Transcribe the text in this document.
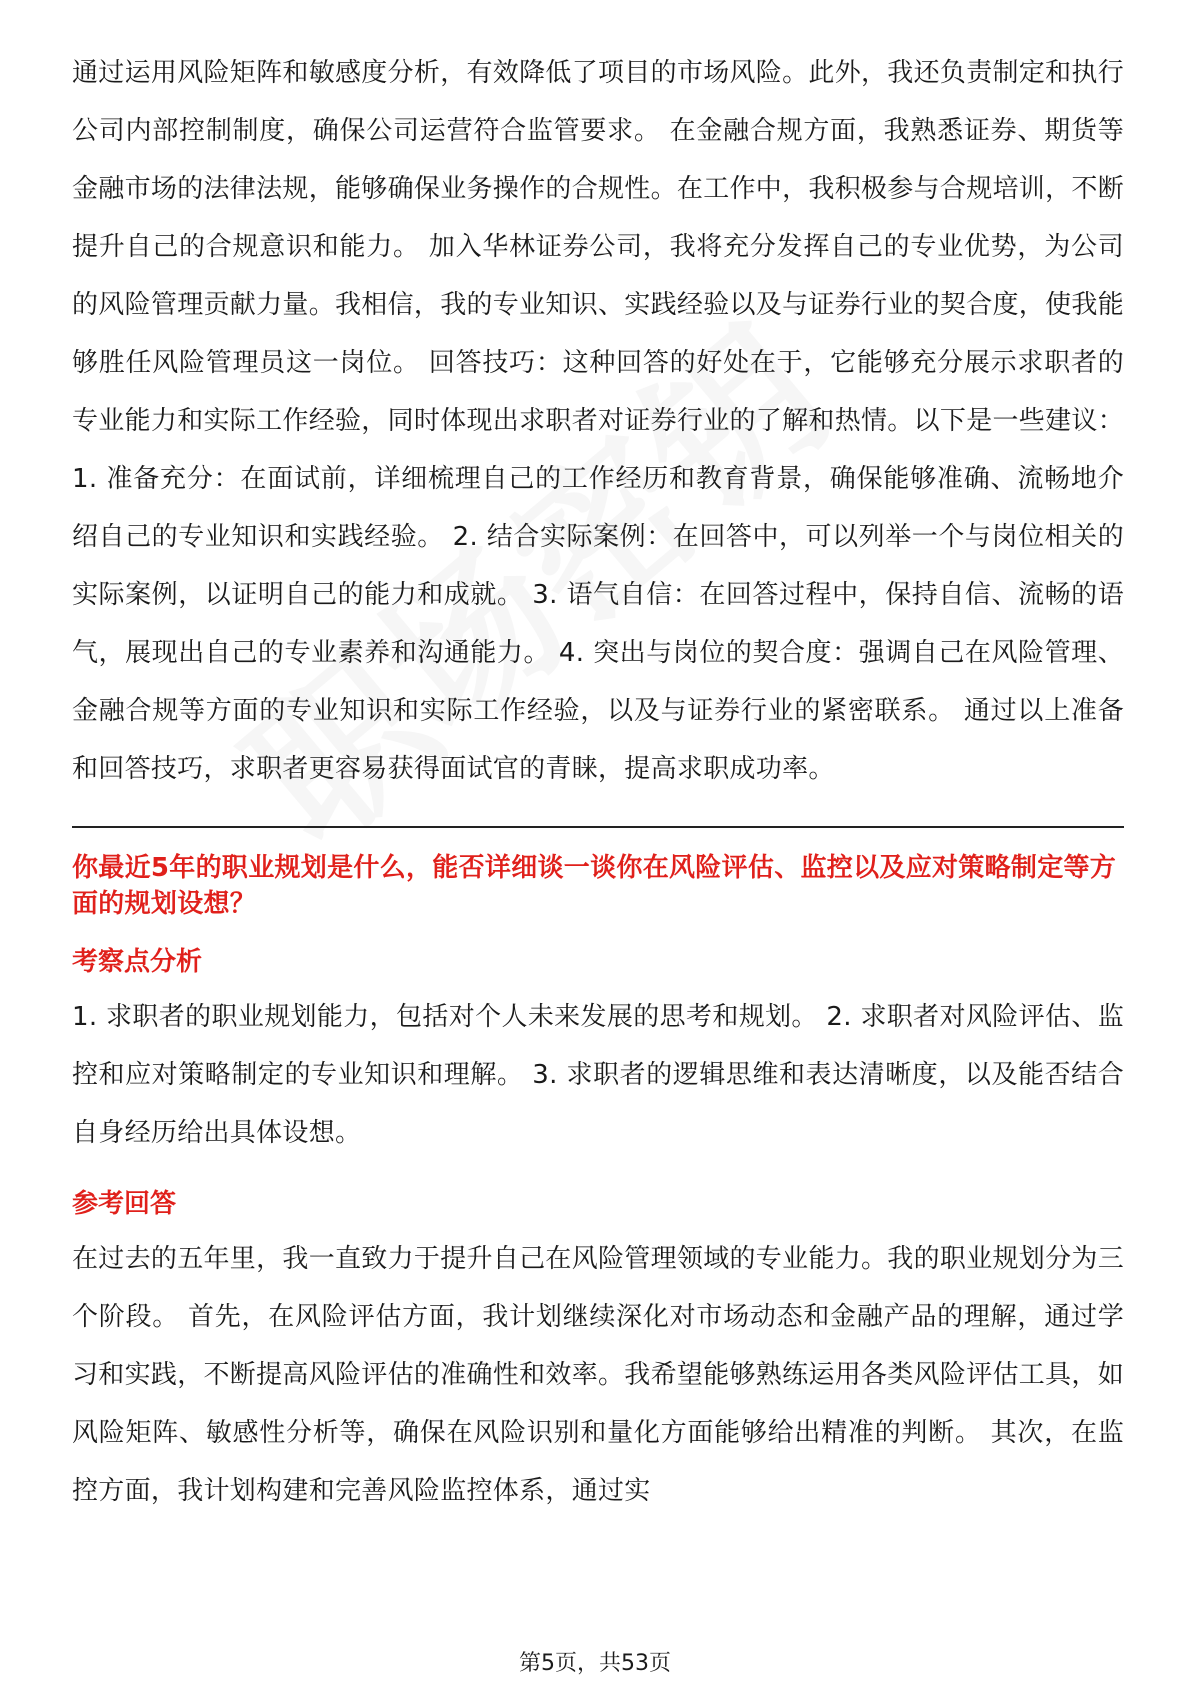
通过运用风险矩阵和敏感度分析，有效降低了项目的市场风险。此外，我还负责制定和执行公司内部控制制度，确保公司运营符合监管要求。 在金融合规方面，我熟悉证券、期货等金融市场的法律法规，能够确保业务操作的合规性。在工作中，我积极参与合规培训，不断提升自己的合规意识和能力。 加入华林证券公司，我将充分发挥自己的专业优势，为公司的风险管理贡献力量。我相信，我的专业知识、实践经验以及与证券行业的契合度，使我能够胜任风险管理员这一岗位。 回答技巧：这种回答的好处在于，它能够充分展示求职者的专业能力和实际工作经验，同时体现出求职者对证券行业的了解和热情。以下是一些建议： 1. 准备充分：在面试前，详细梳理自己的工作经历和教育背景，确保能够准确、流畅地介绍自己的专业知识和实践经验。 2. 结合实际案例：在回答中，可以列举一个与岗位相关的实际案例，以证明自己的能力和成就。 3. 语气自信：在回答过程中，保持自信、流畅的语气，展现出自己的专业素养和沟通能力。 4. 突出与岗位的契合度：强调自己在风险管理、金融合规等方面的专业知识和实际工作经验，以及与证券行业的紧密联系。 通过以上准备和回答技巧，求职者更容易获得面试官的青睐，提高求职成功率。

你最近5年的职业规划是什么，能否详细谈一谈你在风险评估、监控以及应对策略制定等方面的规划设想？

考察点分析

1. 求职者的职业规划能力，包括对个人未来发展的思考和规划。 2. 求职者对风险评估、监控和应对策略制定的专业知识和理解。 3. 求职者的逻辑思维和表达清晰度，以及能否结合自身经历给出具体设想。

参考回答

在过去的五年里，我一直致力于提升自己在风险管理领域的专业能力。我的职业规划分为三个阶段。 首先，在风险评估方面，我计划继续深化对市场动态和金融产品的理解，通过学习和实践，不断提高风险评估的准确性和效率。我希望能够熟练运用各类风险评估工具，如风险矩阵、敏感性分析等，确保在风险识别和量化方面能够给出精准的判断。 其次，在监控方面，我计划构建和完善风险监控体系，通过实

第5页，共53页
